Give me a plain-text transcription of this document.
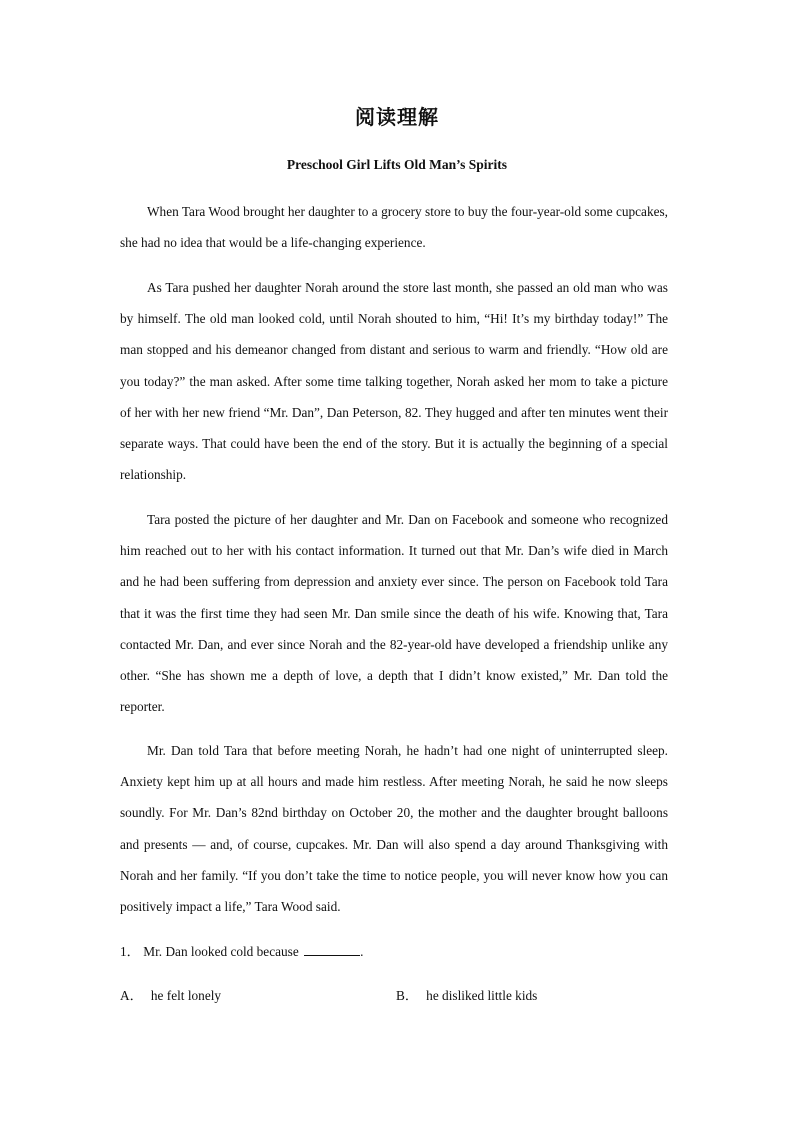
阅读理解
Preschool Girl Lifts Old Man’s Spirits

When Tara Wood brought her daughter to a grocery store to buy the four-year-old some cupcakes, she had no idea that would be a life-changing experience.

As Tara pushed her daughter Norah around the store last month, she passed an old man who was by himself. The old man looked cold, until Norah shouted to him, “Hi! It’s my birthday today!” The man stopped and his demeanor changed from distant and serious to warm and friendly. “How old are you today?” the man asked. After some time talking together, Norah asked her mom to take a picture of her with her new friend “Mr. Dan”, Dan Peterson, 82. They hugged and after ten minutes went their separate ways. That could have been the end of the story. But it is actually the beginning of a special relationship.

Tara posted the picture of her daughter and Mr. Dan on Facebook and someone who recognized him reached out to her with his contact information. It turned out that Mr. Dan’s wife died in March and he had been suffering from depression and anxiety ever since. The person on Facebook told Tara that it was the first time they had seen Mr. Dan smile since the death of his wife. Knowing that, Tara contacted Mr. Dan, and ever since Norah and the 82-year-old have developed a friendship unlike any other. “She has shown me a depth of love, a depth that I didn’t know existed,” Mr. Dan told the reporter.

Mr. Dan told Tara that before meeting Norah, he hadn’t had one night of uninterrupted sleep. Anxiety kept him up at all hours and made him restless. After meeting Norah, he said he now sleeps soundly. For Mr. Dan’s 82nd birthday on October 20, the mother and the daughter brought balloons and presents — and, of course, cupcakes. Mr. Dan will also spend a day around Thanksgiving with Norah and her family. “If you don’t take the time to notice people, you will never know how you can positively impact a life,” Tara Wood said.

1． Mr. Dan looked cold because	.
A． he felt lonely	B． he disliked little kids
